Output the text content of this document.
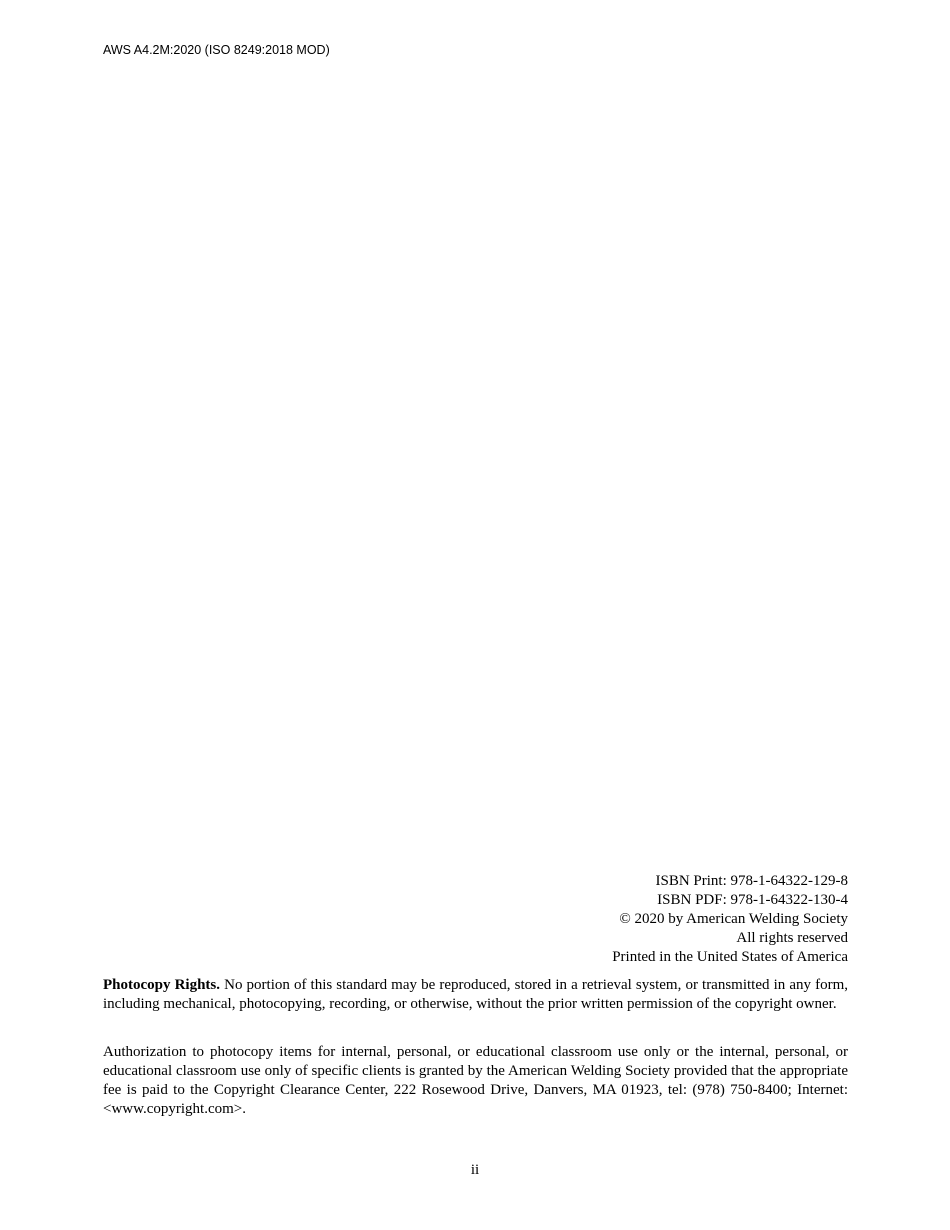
AWS A4.2M:2020 (ISO 8249:2018 MOD)
ISBN Print: 978-1-64322-129-8
ISBN PDF: 978-1-64322-130-4
© 2020 by American Welding Society
All rights reserved
Printed in the United States of America
Photocopy Rights. No portion of this standard may be reproduced, stored in a retrieval system, or transmitted in any form, including mechanical, photocopying, recording, or otherwise, without the prior written permission of the copyright owner.
Authorization to photocopy items for internal, personal, or educational classroom use only or the internal, personal, or educational classroom use only of specific clients is granted by the American Welding Society provided that the appropriate fee is paid to the Copyright Clearance Center, 222 Rosewood Drive, Danvers, MA 01923, tel: (978) 750-8400; Internet: <www.copyright.com>.
ii
